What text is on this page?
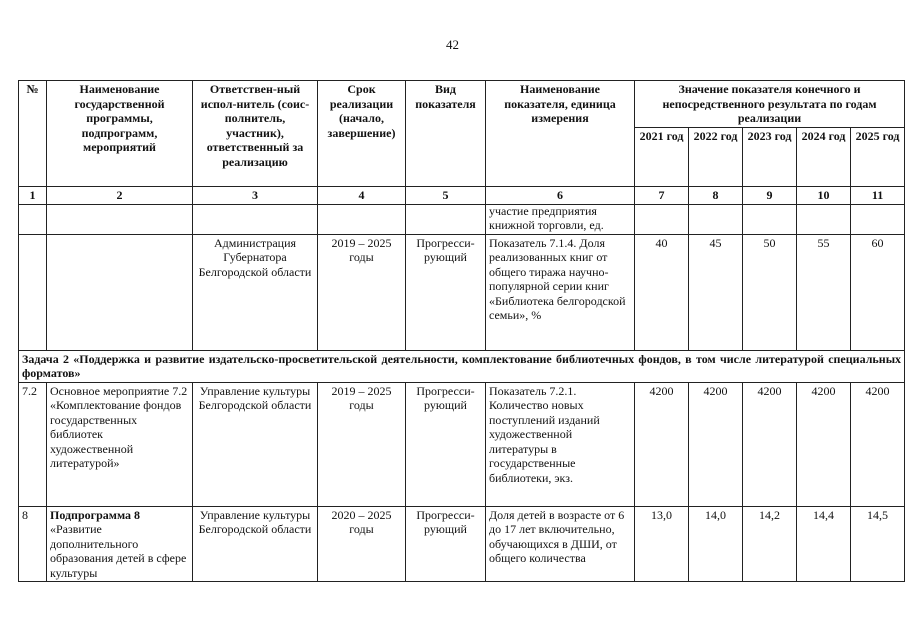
42
№	Наименование государственной программы, подпрограмм, мероприятий	Ответствен-ный испол-нитель (соис-полнитель, участник), ответственный за реализацию	Срок реализации (начало, завершение)	Вид показателя	Наименование показателя, единица измерения	Значение показателя конечного и непосредственного результата по годам реализации				
						2021 год	2022 год	2023 год	2024 год	2025 год
1	2	3	4	5	6	7	8	9	10	11

					участие предприятия книжной торговли, ед.					

		Администрация Губернатора Белгородской области	2019 – 2025 годы	Прогресси-рующий	Показатель 7.1.4. Доля реализованных книг от общего тиража научно-популярной серии книг «Библиотека белгородской семьи», %	40	45	50	55	60
Задача 2 «Поддержка и развитие издательско-просветительской деятельности, комплектование библиотечных фондов, в том числе литературой специальных форматов»										
7.2	Основное мероприятие 7.2 «Комплектование фондов государственных библиотек художественной литературой»	Управление культуры Белгородской области	2019 – 2025 годы	Прогресси-рующий	Показатель 7.2.1. Количество новых поступлений изданий художественной литературы в государственные библиотеки, экз.	4200	4200	4200	4200	4200
8	Подпрограмма 8 «Развитие дополнительного образования детей в сфере культуры	Управление культуры Белгородской области	2020 – 2025 годы	Прогресси-рующий	Доля детей в возрасте от 6 до 17 лет включительно, обучающихся в ДШИ, от общего количества	13,0	14,0	14,2	14,4	14,5
